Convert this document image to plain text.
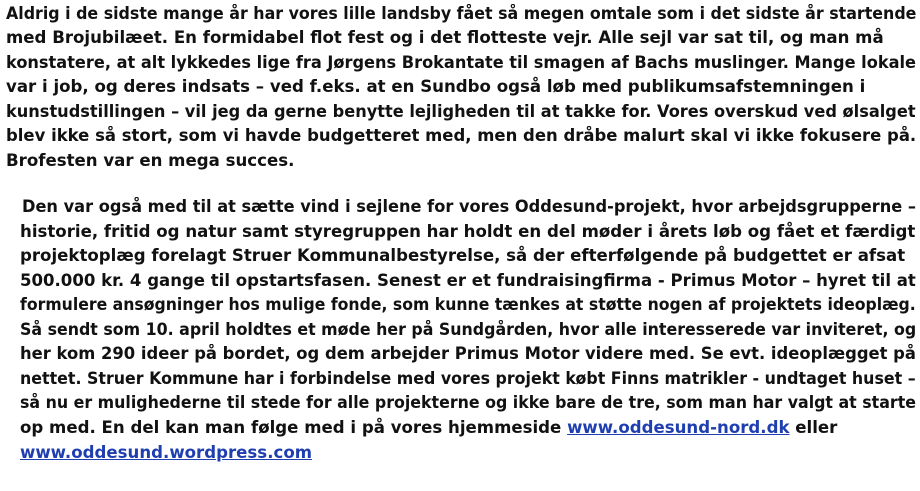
Aldrig i de sidste mange år har vores lille landsby fået så megen omtale som i det sidste år startende
med Brojubilæet. En formidabel flot fest og i det flotteste vejr. Alle sejl var sat til, og man må
konstatere, at alt lykkedes lige fra Jørgens Brokantate til smagen af Bachs muslinger. Mange lokale
var i job, og deres indsats – ved f.eks. at en Sundbo også løb med publikumsafstemningen i
kunstudstillingen – vil jeg da gerne benytte lejligheden til at takke for. Vores overskud ved ølsalget
blev ikke så stort, som vi havde budgetteret med, men den dråbe malurt skal vi ikke fokusere på.
Brofesten var en mega succes.
Den var også med til at sætte vind i sejlene for vores Oddesund-projekt, hvor arbejdsgrupperne –
historie, fritid og natur samt styregruppen har holdt en del møder i årets løb og fået et færdigt
projektoplæg forelagt Struer Kommunalbestyrelse, så der efterfølgende på budgettet er afsat
500.000 kr. 4 gange til opstartsfasen. Senest er et fundraisingfirma - Primus Motor – hyret til at
formulere ansøgninger hos mulige fonde, som kunne tænkes at støtte nogen af projektets ideoplæg.
Så sendt som 10. april holdtes et møde her på Sundgården, hvor alle interesserede var inviteret, og
her kom 290 ideer på bordet, og dem arbejder Primus Motor videre med. Se evt. ideoplægget på
nettet. Struer Kommune har i forbindelse med vores projekt købt Finns matrikler - undtaget huset –
så nu er mulighederne til stede for alle projekterne og ikke bare de tre, som man har valgt at starte
op med. En del kan man følge med i på vores hjemmeside www.oddesund-nord.dk eller
www.oddesund.wordpress.com
